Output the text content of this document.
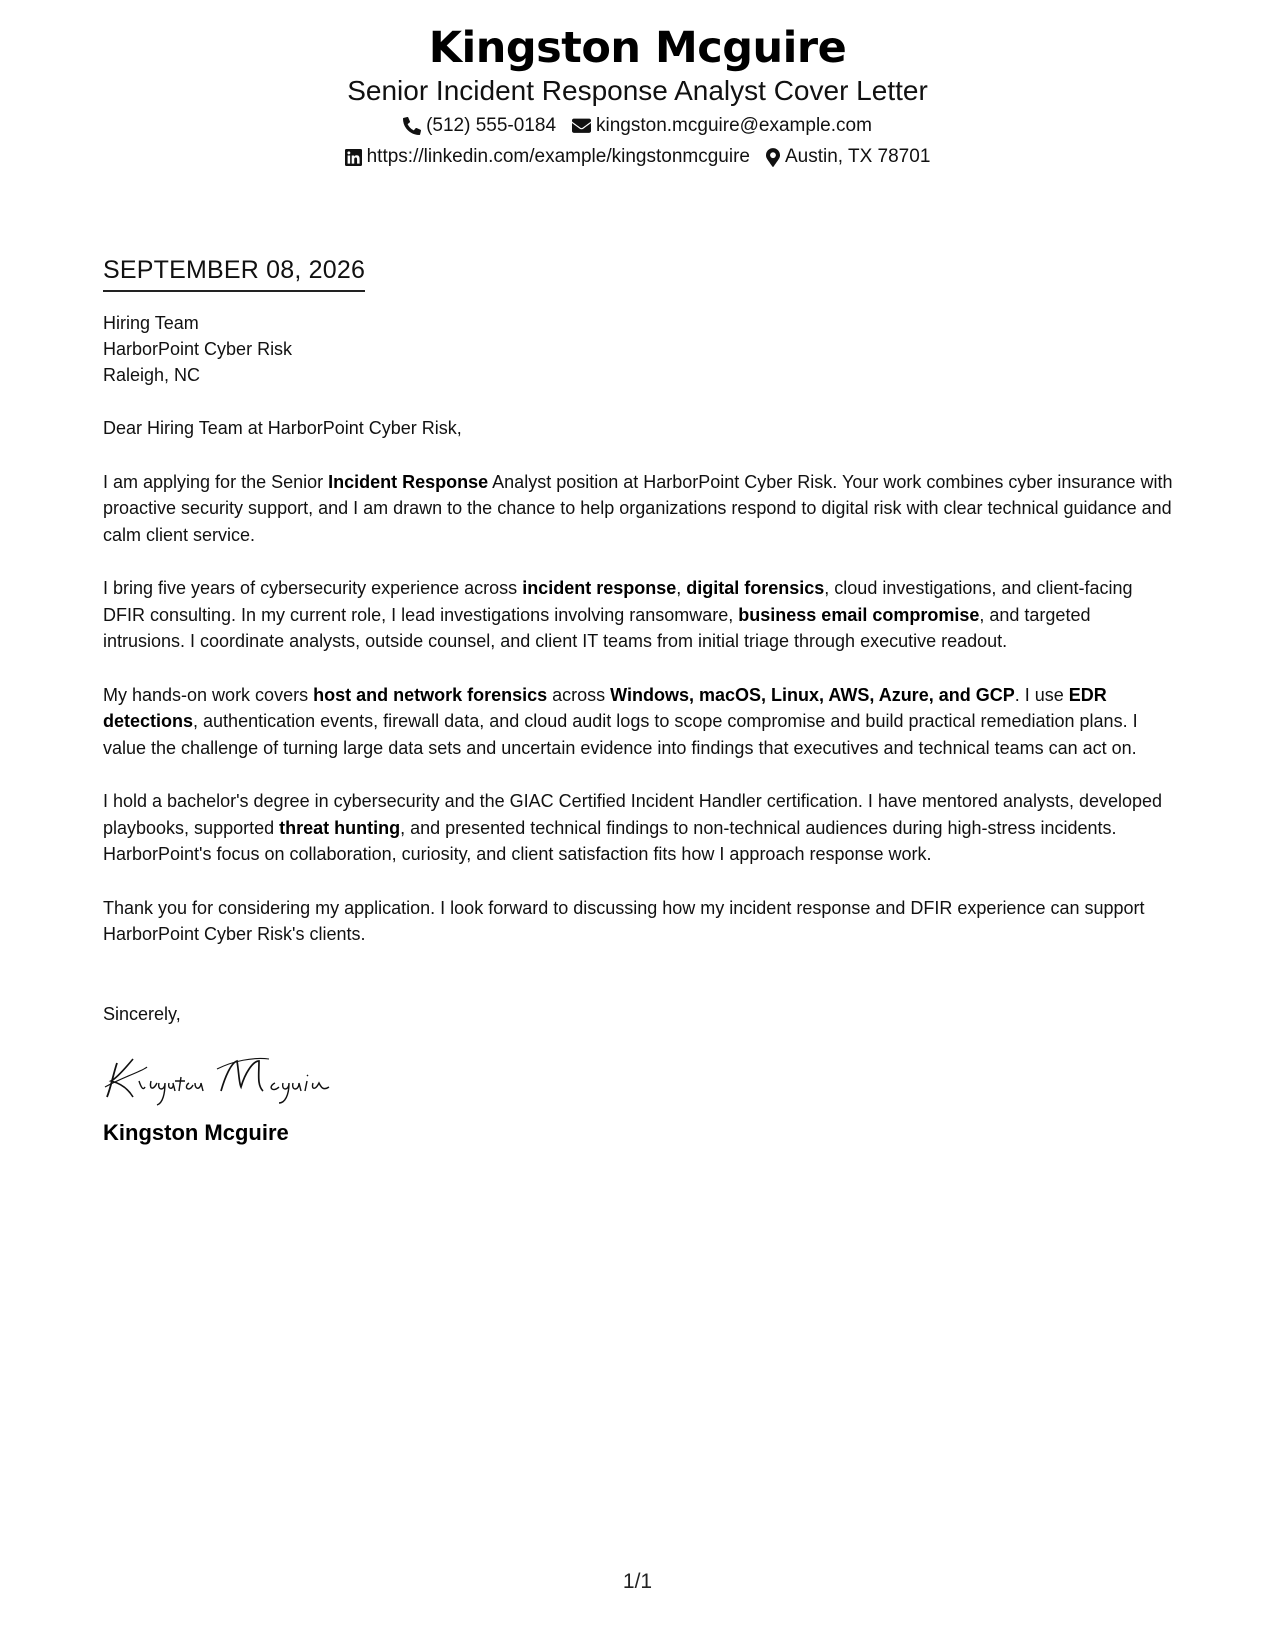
Kingston Mcguire
Senior Incident Response Analyst Cover Letter
(512) 555-0184 kingston.mcguire@example.com
https://linkedin.com/example/kingstonmcguire Austin, TX 78701
SEPTEMBER 08, 2026
Hiring Team
HarborPoint Cyber Risk
Raleigh, NC
Dear Hiring Team at HarborPoint Cyber Risk,
I am applying for the Senior Incident Response Analyst position at HarborPoint Cyber Risk. Your work combines cyber insurance with proactive security support, and I am drawn to the chance to help organizations respond to digital risk with clear technical guidance and calm client service.
I bring five years of cybersecurity experience across incident response, digital forensics, cloud investigations, and client-facing DFIR consulting. In my current role, I lead investigations involving ransomware, business email compromise, and targeted intrusions. I coordinate analysts, outside counsel, and client IT teams from initial triage through executive readout.
My hands-on work covers host and network forensics across Windows, macOS, Linux, AWS, Azure, and GCP. I use EDR detections, authentication events, firewall data, and cloud audit logs to scope compromise and build practical remediation plans. I value the challenge of turning large data sets and uncertain evidence into findings that executives and technical teams can act on.
I hold a bachelor's degree in cybersecurity and the GIAC Certified Incident Handler certification. I have mentored analysts, developed playbooks, supported threat hunting, and presented technical findings to non-technical audiences during high-stress incidents. HarborPoint's focus on collaboration, curiosity, and client satisfaction fits how I approach response work.
Thank you for considering my application. I look forward to discussing how my incident response and DFIR experience can support HarborPoint Cyber Risk's clients.
Sincerely,
Kingston Mcguire
1/1
